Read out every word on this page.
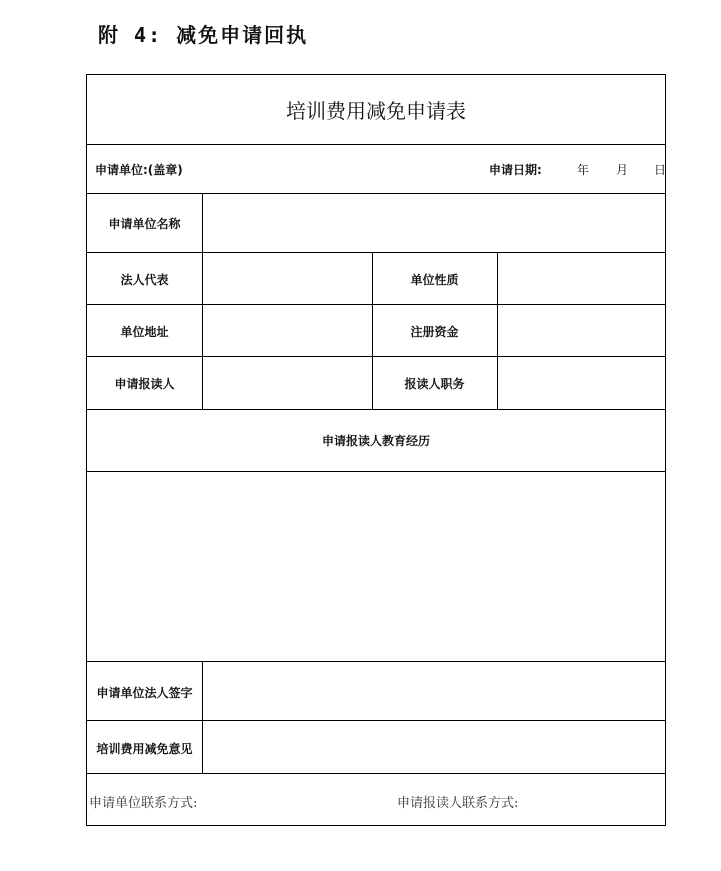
附 4: 减免申请回执
培训费用减免申请表
申请单位:(盖章)	申请日期:	年 月 日
申请单位名称
法人代表	单位性质
单位地址	注册资金
申请报读人	报读人职务
申请报读人教育经历
申请单位法人签字
培训费用减免意见
申请单位联系方式:	申请报读人联系方式:
